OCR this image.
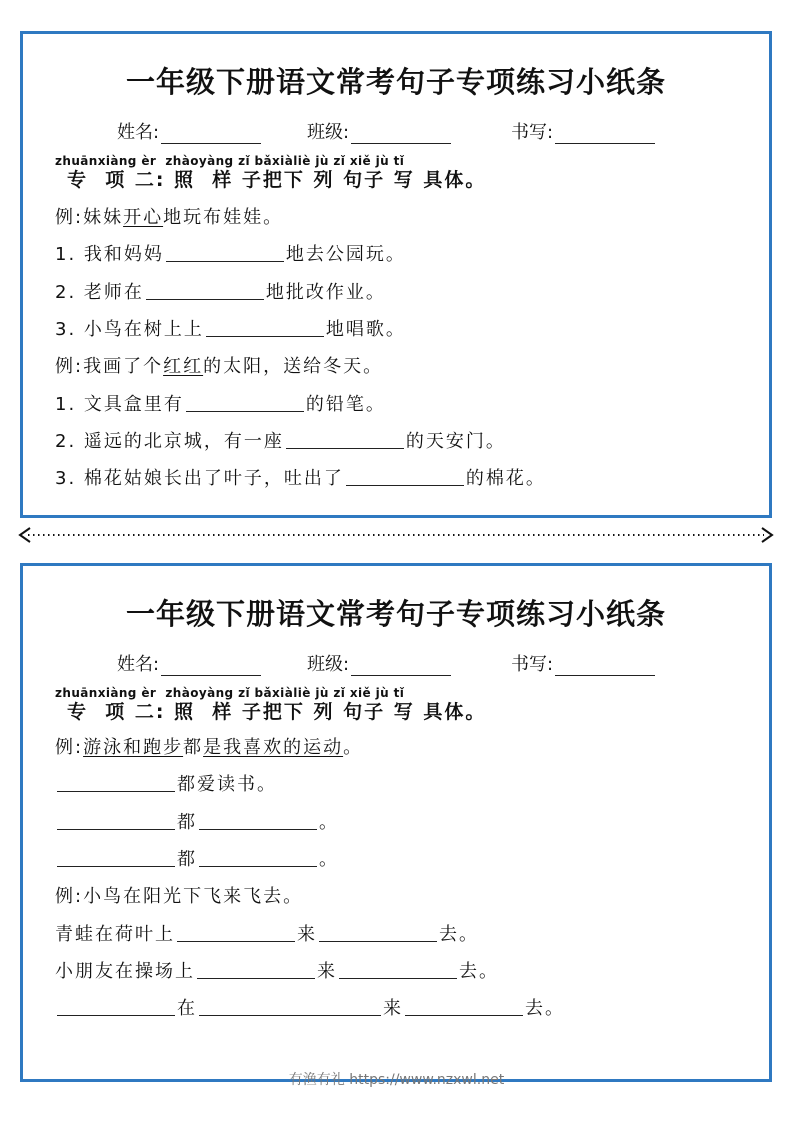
一年级下册语文常考句子专项练习小纸条
姓名:	班级:	书写:
zhuānxiàng èr  zhàoyàng zǐ bǎxiàliè jù zǐ xiě jù tǐ
专  项 二: 照  样 子把下 列 句子 写 具体。
例:妹妹开心地玩布娃娃。
1. 我和妈妈	地去公园玩。
2. 老师在	地批改作业。
3. 小鸟在树上上	地唱歌。
例:我画了个红红的太阳，送给冬天。
1. 文具盒里有	的铅笔。
2. 遥远的北京城，有一座	的天安门。
3. 棉花姑娘长出了叶子，吐出了	的棉花。
一年级下册语文常考句子专项练习小纸条
姓名:	班级:	书写:
zhuānxiàng èr  zhàoyàng zǐ bǎxiàliè jù zǐ xiě jù tǐ
专  项 二: 照  样 子把下 列 句子 写 具体。
例:游泳和跑步都是我喜欢的运动。
都爱读书。
都	。
都	。
例:小鸟在阳光下飞来飞去。
青蛙在荷叶上	来	去。
小朋友在操场上	来	去。
在	来	去。
有渔有礼 https://www.nzxwl.net
